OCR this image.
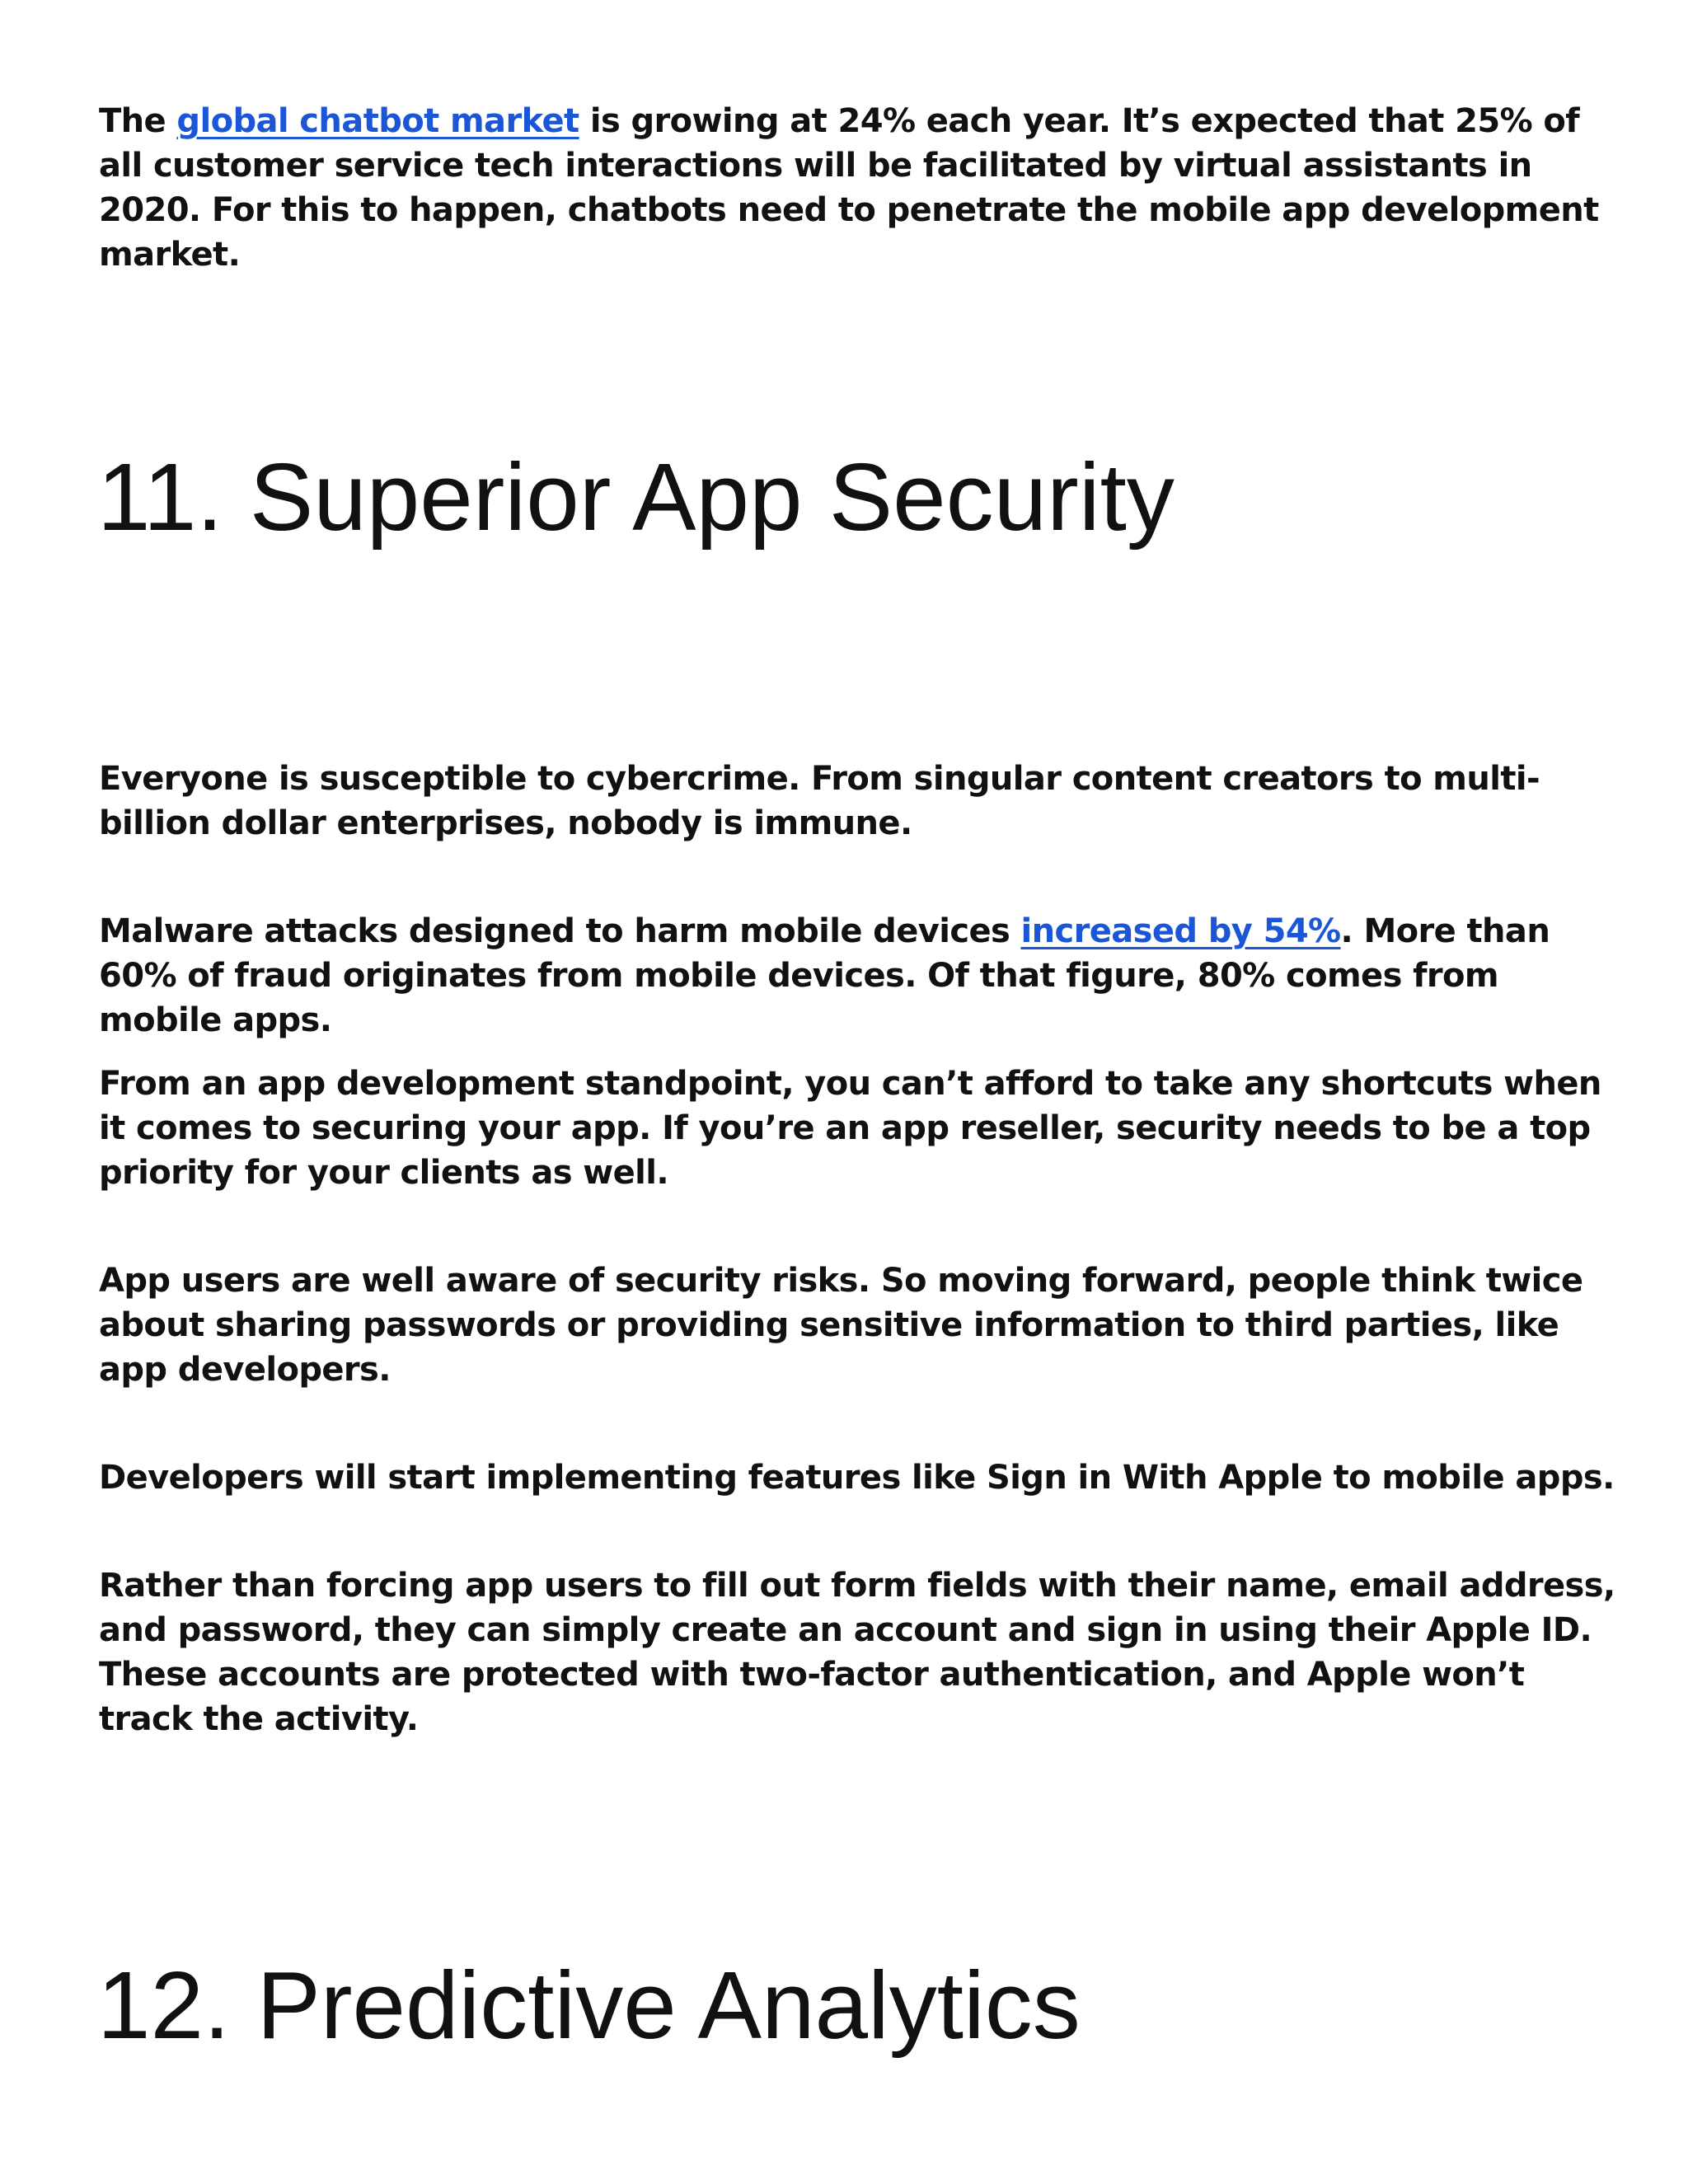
The global chatbot market is growing at 24% each year. It’s expected that 25% of all customer service tech interactions will be facilitated by virtual assistants in 2020. For this to happen, chatbots need to penetrate the mobile app development market.

11. Superior App Security

Everyone is susceptible to cybercrime. From singular content creators to multi-billion dollar enterprises, nobody is immune.

Malware attacks designed to harm mobile devices increased by 54%. More than 60% of fraud originates from mobile devices. Of that figure, 80% comes from mobile apps.

From an app development standpoint, you can’t afford to take any shortcuts when it comes to securing your app. If you’re an app reseller, security needs to be a top priority for your clients as well.

App users are well aware of security risks. So moving forward, people think twice about sharing passwords or providing sensitive information to third parties, like app developers.

Developers will start implementing features like Sign in With Apple to mobile apps.

Rather than forcing app users to fill out form fields with their name, email address, and password, they can simply create an account and sign in using their Apple ID. These accounts are protected with two-factor authentication, and Apple won’t track the activity.

12. Predictive Analytics
